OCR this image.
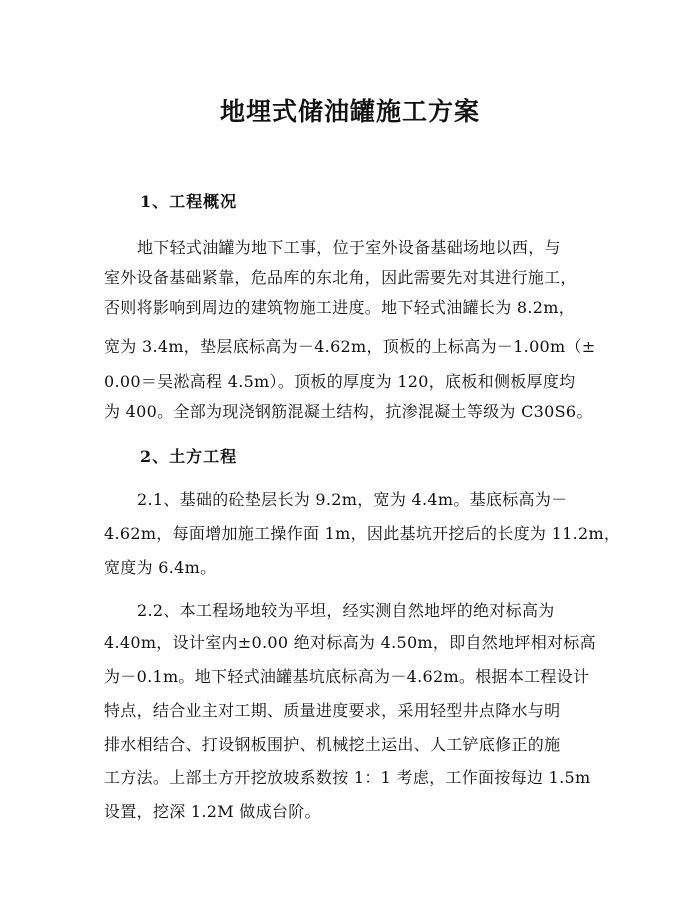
地埋式储油罐施工方案
1、工程概况

地下轻式油罐为地下工事，位于室外设备基础场地以西，与

室外设备基础紧靠，危品库的东北角，因此需要先对其进行施工，

否则将影响到周边的建筑物施工进度。地下轻式油罐长为 8.2m，

宽为 3.4m，垫层底标高为－4.62m，顶板的上标高为－1.00m（±

0.00＝吴淞高程 4.5m）。顶板的厚度为 120，底板和侧板厚度均

为 400。全部为现浇钢筋混凝土结构，抗渗混凝土等级为 C30S6。

2、土方工程

2.1、基础的砼垫层长为 9.2m，宽为 4.4m。基底标高为－

4.62m，每面增加施工操作面 1m，因此基坑开挖后的长度为 11.2m，

宽度为 6.4m。

2.2、本工程场地较为平坦，经实测自然地坪的绝对标高为

4.40m，设计室内±0.00 绝对标高为 4.50m，即自然地坪相对标高

为－0.1m。地下轻式油罐基坑底标高为－4.62m。根据本工程设计

特点，结合业主对工期、质量进度要求，采用轻型井点降水与明

排水相结合、打设钢板围护、机械挖土运出、人工铲底修正的施

工方法。上部土方开挖放坡系数按 1：1 考虑，工作面按每边 1.5m

设置，挖深 1.2M 做成台阶。
